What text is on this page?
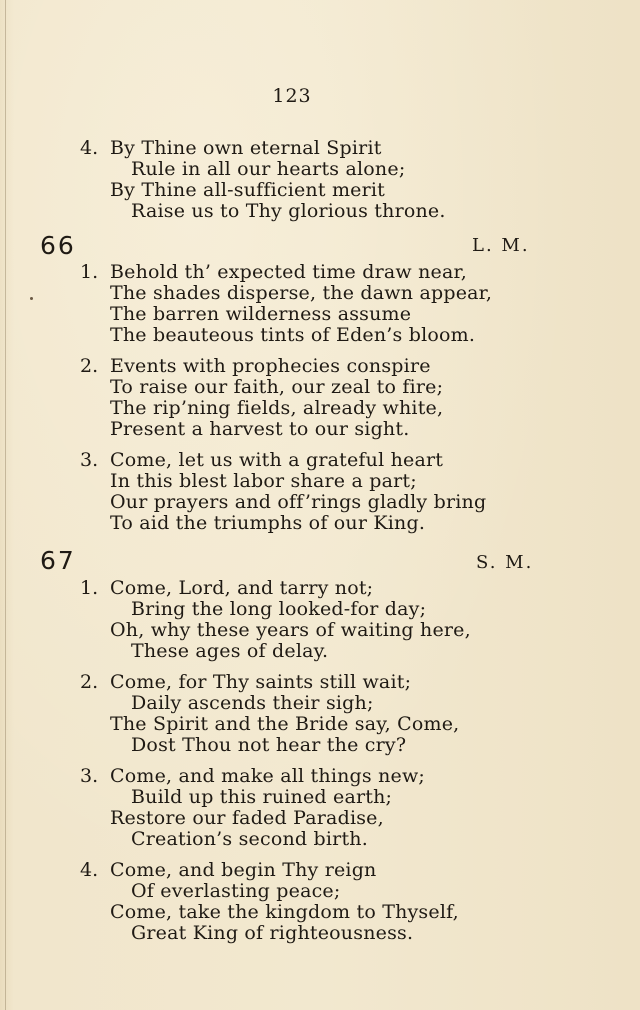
123
4. By Thine own eternal Spirit
Rule in all our hearts alone;
By Thine all-sufficient merit
Raise us to Thy glorious throne.
66	L. M.
1. Behold th’ expected time draw near,
The shades disperse, the dawn appear,
The barren wilderness assume
The beauteous tints of Eden’s bloom.
2. Events with prophecies conspire
To raise our faith, our zeal to fire;
The rip’ning fields, already white,
Present a harvest to our sight.
3. Come, let us with a grateful heart
In this blest labor share a part;
Our prayers and off’rings gladly bring
To aid the triumphs of our King.
67	S. M.
1. Come, Lord, and tarry not;
Bring the long looked-for day;
Oh, why these years of waiting here,
These ages of delay.
2. Come, for Thy saints still wait;
Daily ascends their sigh;
The Spirit and the Bride say, Come,
Dost Thou not hear the cry?
3. Come, and make all things new;
Build up this ruined earth;
Restore our faded Paradise,
Creation’s second birth.
4. Come, and begin Thy reign
Of everlasting peace;
Come, take the kingdom to Thyself,
Great King of righteousness.
